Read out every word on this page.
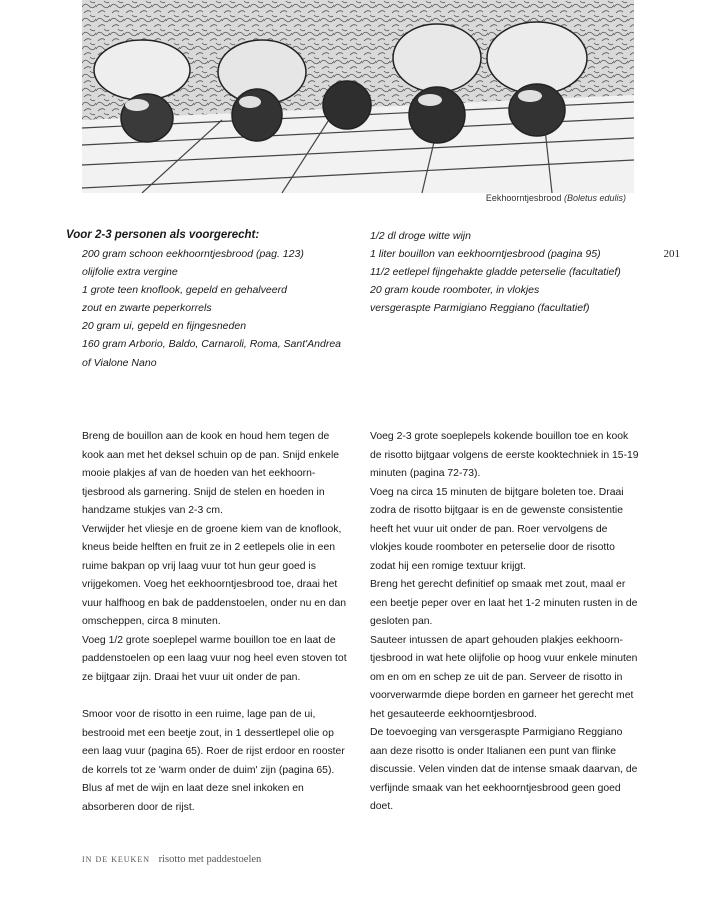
Eekhoorntjesbrood (Boletus edulis)
201
Voor 2-3 personen als voorgerecht:
200 gram schoon eekhoorntjesbrood (pag. 123)
olijfolie extra vergine
1 grote teen knoflook, gepeld en gehalveerd
zout en zwarte peperkorrels
20 gram ui, gepeld en fijngesneden
160 gram Arborio, Baldo, Carnaroli, Roma, Sant'Andrea of Vialone Nano
1/2 dl droge witte wijn
1 liter bouillon van eekhoorntjesbrood (pagina 95)
11/2 eetlepel fijngehakte gladde peterselie (facultatief)
20 gram koude roomboter, in vlokjes
versgeraspte Parmigiano Reggiano (facultatief)

Breng de bouillon aan de kook en houd hem tegen de kook aan met het deksel schuin op de pan. Snijd enkele mooie plakjes af van de hoeden van het eekhoorn-tjesbrood als garnering. Snijd de stelen en hoeden in handzame stukjes van 2-3 cm.

Verwijder het vliesje en de groene kiem van de knoflook, kneus beide helften en fruit ze in 2 eetlepels olie in een ruime bakpan op vrij laag vuur tot hun geur goed is vrijgekomen. Voeg het eekhoorntjesbrood toe, draai het vuur halfhoog en bak de paddenstoelen, onder nu en dan omscheppen, circa 8 minuten.

Voeg 1/2 grote soeplepel warme bouillon toe en laat de paddenstoelen op een laag vuur nog heel even stoven tot ze bijtgaar zijn. Draai het vuur uit onder de pan.

Smoor voor de risotto in een ruime, lage pan de ui, bestrooid met een beetje zout, in 1 dessertlepel olie op een laag vuur (pagina 65). Roer de rijst erdoor en rooster de korrels tot ze 'warm onder de duim' zijn (pagina 65). Blus af met de wijn en laat deze snel inkoken en absorberen door de rijst.

Voeg 2-3 grote soeplepels kokende bouillon toe en kook de risotto bijtgaar volgens de eerste kooktechniek in 15-19 minuten (pagina 72-73).

Voeg na circa 15 minuten de bijtgare boleten toe. Draai zodra de risotto bijtgaar is en de gewenste consistentie heeft het vuur uit onder de pan. Roer vervolgens de vlokjes koude roomboter en peterselie door de risotto zodat hij een romige textuur krijgt.

Breng het gerecht definitief op smaak met zout, maal er een beetje peper over en laat het 1-2 minuten rusten in de gesloten pan.

Sauteer intussen de apart gehouden plakjes eekhoorn-tjesbrood in wat hete olijfolie op hoog vuur enkele minuten om en om en schep ze uit de pan. Serveer de risotto in voorverwarmde diepe borden en garneer het gerecht met het gesauteerde eekhoorntjesbrood.

De toevoeging van versgeraspte Parmigiano Reggiano aan deze risotto is onder Italianen een punt van flinke discussie. Velen vinden dat de intense smaak daarvan, de verfijnde smaak van het eekhoorntjesbrood geen goed doet.

IN DE KEUKEN risotto met paddestoelen
